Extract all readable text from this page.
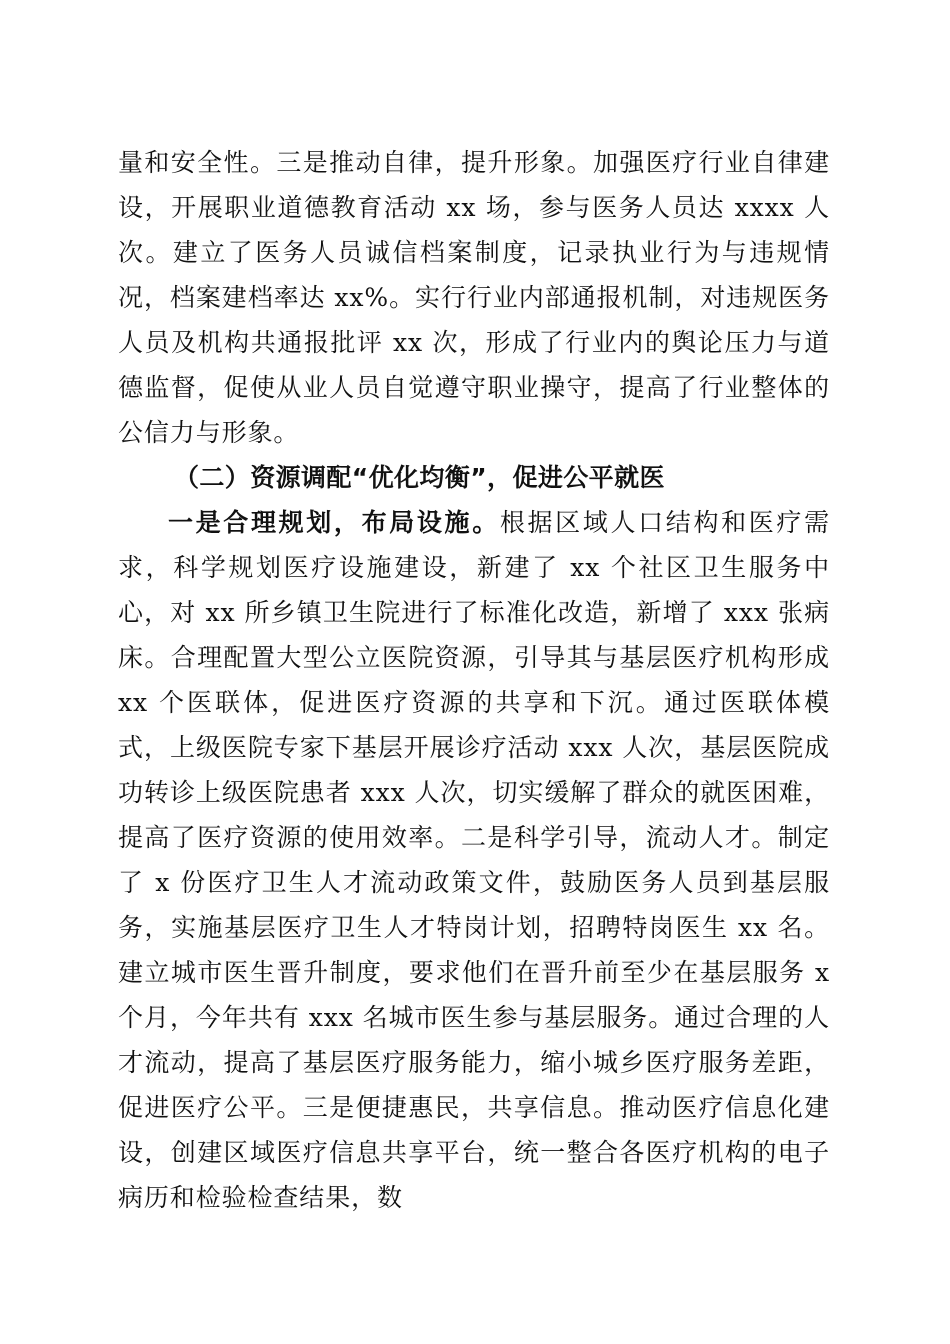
量和安全性。三是推动自律，提升形象。加强医疗行业自律建设，开展职业道德教育活动 xx 场，参与医务人员达 xxxx 人次。建立了医务人员诚信档案制度，记录执业行为与违规情况，档案建档率达 xx%。实行行业内部通报机制，对违规医务人员及机构共通报批评 xx 次，形成了行业内的舆论压力与道德监督，促使从业人员自觉遵守职业操守，提高了行业整体的公信力与形象。

（二）资源调配“优化均衡”，促进公平就医

一是合理规划，布局设施。根据区域人口结构和医疗需求，科学规划医疗设施建设，新建了 xx 个社区卫生服务中心，对 xx 所乡镇卫生院进行了标准化改造，新增了 xxx 张病床。合理配置大型公立医院资源，引导其与基层医疗机构形成 xx 个医联体，促进医疗资源的共享和下沉。通过医联体模式，上级医院专家下基层开展诊疗活动 xxx 人次，基层医院成功转诊上级医院患者 xxx 人次，切实缓解了群众的就医困难，提高了医疗资源的使用效率。二是科学引导，流动人才。制定了 x 份医疗卫生人才流动政策文件，鼓励医务人员到基层服务，实施基层医疗卫生人才特岗计划，招聘特岗医生 xx 名。建立城市医生晋升制度，要求他们在晋升前至少在基层服务 x 个月，今年共有 xxx 名城市医生参与基层服务。通过合理的人才流动，提高了基层医疗服务能力，缩小城乡医疗服务差距，促进医疗公平。三是便捷惠民，共享信息。推动医疗信息化建设，创建区域医疗信息共享平台，统一整合各医疗机构的电子病历和检验检查结果，数
